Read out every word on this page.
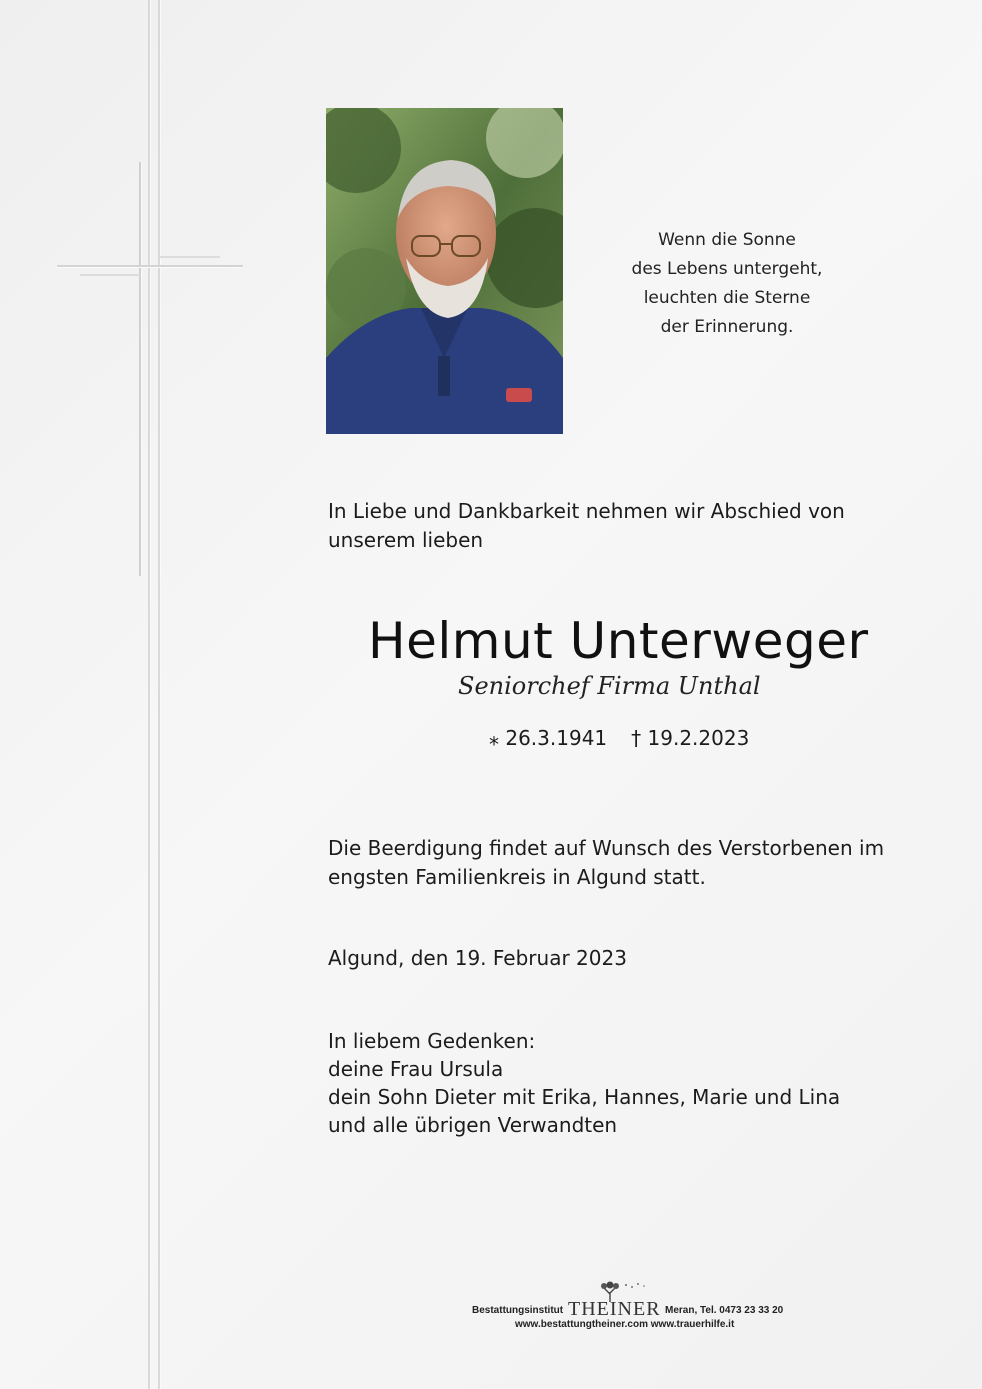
Wenn die Sonne
des Lebens untergeht,
leuchten die Sterne
der Erinnerung.
In Liebe und Dankbarkeit nehmen wir Abschied von
unserem lieben
Helmut Unterweger
Seniorchef Firma Unthal
⁎ 26.3.1941 † 19.2.2023
Die Beerdigung findet auf Wunsch des Verstorbenen im
engsten Familienkreis in Algund statt.
Algund, den 19. Februar 2023
In liebem Gedenken:
deine Frau Ursula
dein Sohn Dieter mit Erika, Hannes, Marie und Lina
und alle übrigen Verwandten
Bestattungsinstitut THEINER Meran, Tel. 0473 23 33 20
www.bestattungtheiner.com www.trauerhilfe.it
